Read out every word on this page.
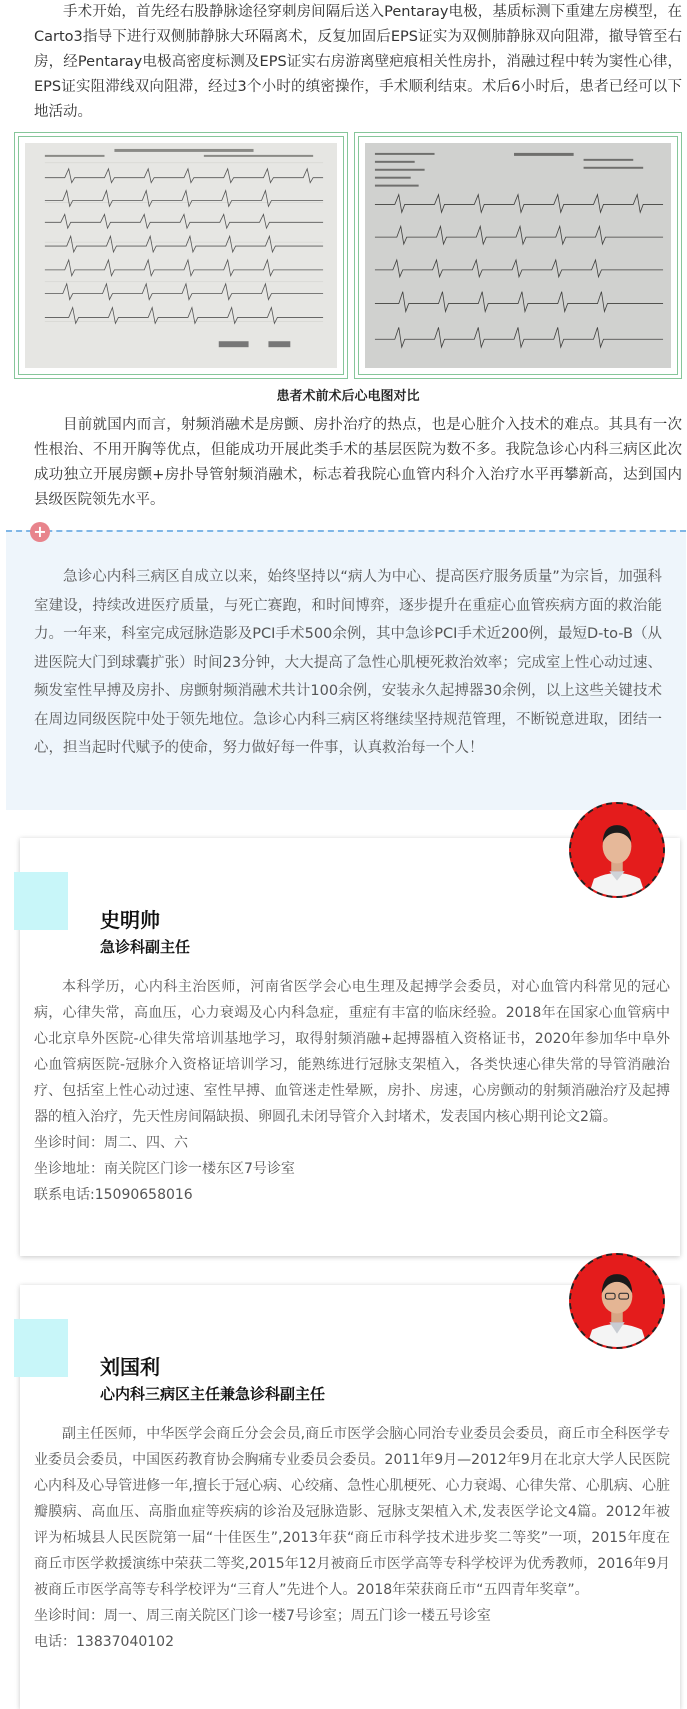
手术开始，首先经右股静脉途径穿刺房间隔后送入Pentaray电极，基质标测下重建左房模型，在Carto3指导下进行双侧肺静脉大环隔离术，反复加固后EPS证实为双侧肺静脉双向阻滞，撤导管至右房，经Pentaray电极高密度标测及EPS证实右房游离壁疤痕相关性房扑，消融过程中转为窦性心律，EPS证实阻滞线双向阻滞，经过3个小时的缜密操作，手术顺利结束。术后6小时后，患者已经可以下地活动。

患者术前术后心电图对比

目前就国内而言，射频消融术是房颤、房扑治疗的热点，也是心脏介入技术的难点。其具有一次性根治、不用开胸等优点，但能成功开展此类手术的基层医院为数不多。我院急诊心内科三病区此次成功独立开展房颤+房扑导管射频消融术，标志着我院心血管内科介入治疗水平再攀新高，达到国内县级医院领先水平。

+

急诊心内科三病区自成立以来，始终坚持以“病人为中心、提高医疗服务质量”为宗旨，加强科室建设，持续改进医疗质量，与死亡赛跑，和时间博弈，逐步提升在重症心血管疾病方面的救治能力。一年来，科室完成冠脉造影及PCI手术500余例，其中急诊PCI手术近200例，最短D-to-B（从进医院大门到球囊扩张）时间23分钟，大大提高了急性心肌梗死救治效率；完成室上性心动过速、频发室性早搏及房扑、房颤射频消融术共计100余例，安装永久起搏器30余例，以上这些关键技术在周边同级医院中处于领先地位。急诊心内科三病区将继续坚持规范管理，不断锐意进取，团结一心，担当起时代赋予的使命，努力做好每一件事，认真救治每一个人！

史明帅
急诊科副主任

本科学历，心内科主治医师，河南省医学会心电生理及起搏学会委员，对心血管内科常见的冠心病，心律失常，高血压，心力衰竭及心内科急症，重症有丰富的临床经验。2018年在国家心血管病中心北京阜外医院-心律失常培训基地学习，取得射频消融+起搏器植入资格证书，2020年参加华中阜外心血管病医院-冠脉介入资格证培训学习，能熟练进行冠脉支架植入，各类快速心律失常的导管消融治疗、包括室上性心动过速、室性早搏、血管迷走性晕厥，房扑、房速，心房颤动的射频消融治疗及起搏器的植入治疗，先天性房间隔缺损、卵圆孔未闭导管介入封堵术，发表国内核心期刊论文2篇。

坐诊时间：周二、四、六

坐诊地址：南关院区门诊一楼东区7号诊室

联系电话:15090658016

刘国利
心内科三病区主任兼急诊科副主任

副主任医师，中华医学会商丘分会会员,商丘市医学会脑心同治专业委员会委员，商丘市全科医学专业委员会委员，中国医药教育协会胸痛专业委员会委员。2011年9月—2012年9月在北京大学人民医院心内科及心导管进修一年,擅长于冠心病、心绞痛、急性心肌梗死、心力衰竭、心律失常、心肌病、心脏瓣膜病、高血压、高脂血症等疾病的诊治及冠脉造影、冠脉支架植入术,发表医学论文4篇。2012年被评为柘城县人民医院第一届“十佳医生”,2013年获“商丘市科学技术进步奖二等奖”一项，2015年度在商丘市医学救援演练中荣获二等奖,2015年12月被商丘市医学高等专科学校评为优秀教师，2016年9月被商丘市医学高等专科学校评为“三育人”先进个人。2018年荣获商丘市“五四青年奖章”。

坐诊时间：周一、周三南关院区门诊一楼7号诊室；周五门诊一楼五号诊室

电话：13837040102
